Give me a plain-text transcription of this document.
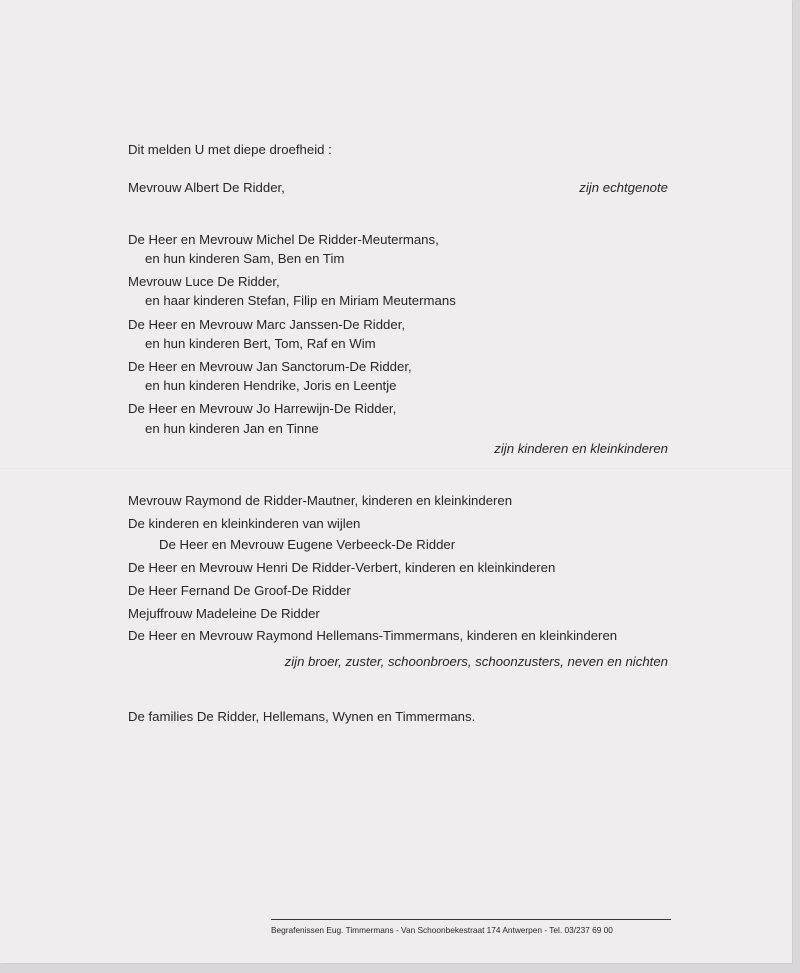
Dit melden U met diepe droefheid :
Mevrouw Albert De Ridder,	zijn echtgenote
De Heer en Mevrouw Michel De Ridder-Meutermans,
en hun kinderen Sam, Ben en Tim
Mevrouw Luce De Ridder,
en haar kinderen Stefan, Filip en Miriam Meutermans
De Heer en Mevrouw Marc Janssen-De Ridder,
en hun kinderen Bert, Tom, Raf en Wim
De Heer en Mevrouw Jan Sanctorum-De Ridder,
en hun kinderen Hendrike, Joris en Leentje
De Heer en Mevrouw Jo Harrewijn-De Ridder,
en hun kinderen Jan en Tinne
zijn kinderen en kleinkinderen
Mevrouw Raymond de Ridder-Mautner, kinderen en kleinkinderen
De kinderen en kleinkinderen van wijlen
De Heer en Mevrouw Eugene Verbeeck-De Ridder
De Heer en Mevrouw Henri De Ridder-Verbert, kinderen en kleinkinderen
De Heer Fernand De Groof-De Ridder
Mejuffrouw Madeleine De Ridder
De Heer en Mevrouw Raymond Hellemans-Timmermans, kinderen en kleinkinderen
zijn broer, zuster, schoonbroers, schoonzusters, neven en nichten
De families De Ridder, Hellemans, Wynen en Timmermans.
Begrafenissen Eug. Timmermans - Van Schoonbekestraat 174 Antwerpen - Tel. 03/237 69 00
